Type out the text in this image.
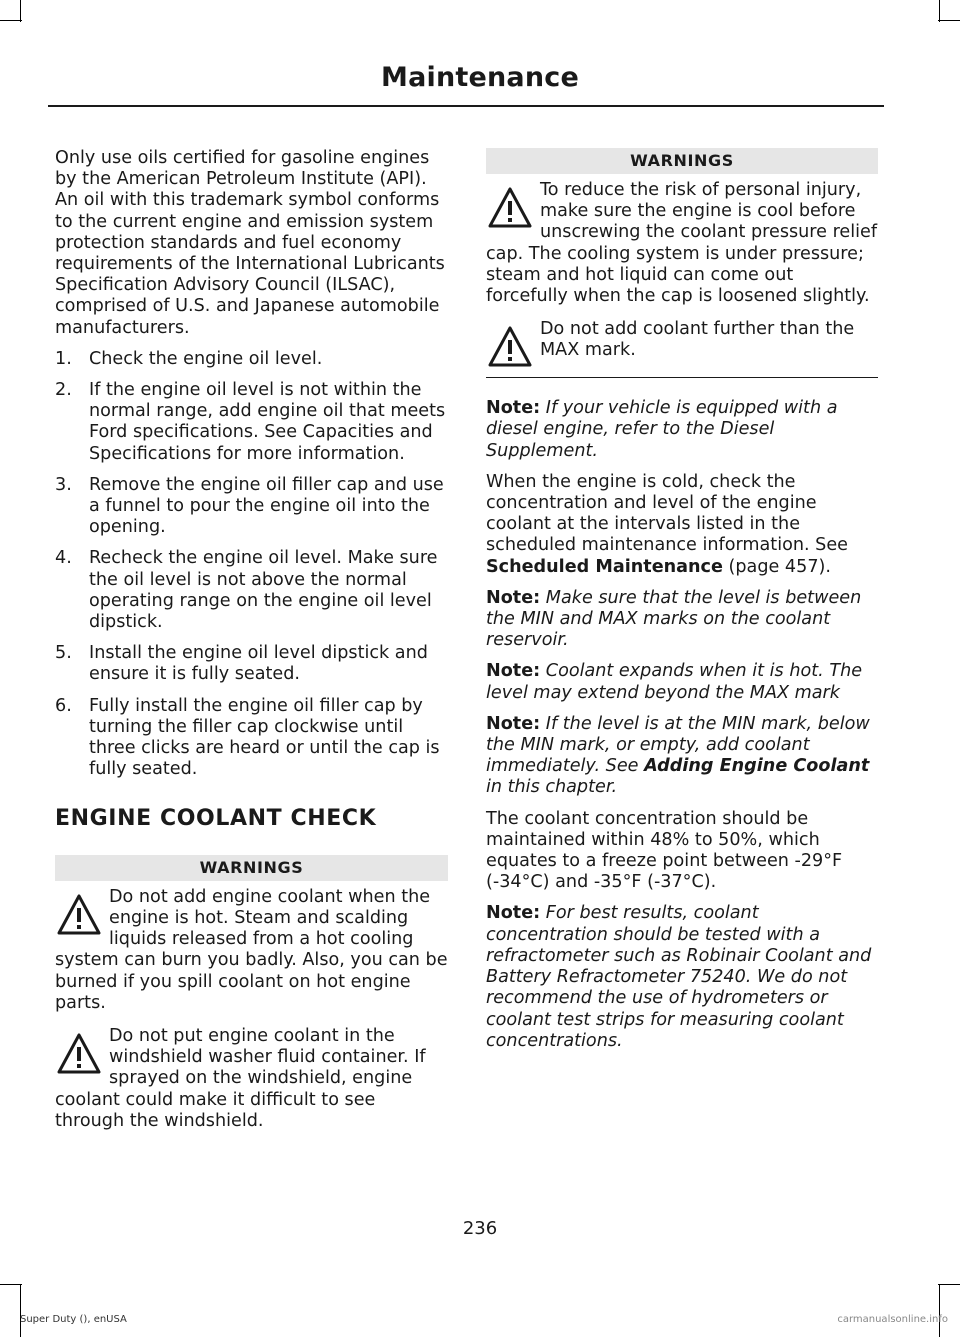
Maintenance

Only use oils certified for gasoline engines by the American Petroleum Institute (API). An oil with this trademark symbol conforms to the current engine and emission system protection standards and fuel economy requirements of the International Lubricants Specification Advisory Council (ILSAC), comprised of U.S. and Japanese automobile manufacturers.

1. Check the engine oil level.
2. If the engine oil level is not within the normal range, add engine oil that meets Ford specifications. See Capacities and Specifications for more information.
3. Remove the engine oil filler cap and use a funnel to pour the engine oil into the opening.
4. Recheck the engine oil level. Make sure the oil level is not above the normal operating range on the engine oil level dipstick.
5. Install the engine oil level dipstick and ensure it is fully seated.
6. Fully install the engine oil filler cap by turning the filler cap clockwise until three clicks are heard or until the cap is fully seated.
ENGINE COOLANT CHECK
WARNINGS
Do not add engine coolant when the engine is hot. Steam and scalding liquids released from a hot cooling system can burn you badly. Also, you can be burned if you spill coolant on hot engine parts.
Do not put engine coolant in the windshield washer fluid container. If sprayed on the windshield, engine coolant could make it difficult to see through the windshield.
WARNINGS
To reduce the risk of personal injury, make sure the engine is cool before unscrewing the coolant pressure relief cap. The cooling system is under pressure; steam and hot liquid can come out forcefully when the cap is loosened slightly.
Do not add coolant further than the MAX mark.

Note: If your vehicle is equipped with a diesel engine, refer to the Diesel Supplement.

When the engine is cold, check the concentration and level of the engine coolant at the intervals listed in the scheduled maintenance information. See Scheduled Maintenance (page 457).

Note: Make sure that the level is between the MIN and MAX marks on the coolant reservoir.

Note: Coolant expands when it is hot. The level may extend beyond the MAX mark

Note: If the level is at the MIN mark, below the MIN mark, or empty, add coolant immediately. See Adding Engine Coolant in this chapter.

The coolant concentration should be maintained within 48% to 50%, which equates to a freeze point between -29°F (-34°C) and -35°F (-37°C).

Note: For best results, coolant concentration should be tested with a refractometer such as Robinair Coolant and Battery Refractometer 75240. We do not recommend the use of hydrometers or coolant test strips for measuring coolant concentrations.

236
Super Duty (), enUSA	carmanualsonline.info
